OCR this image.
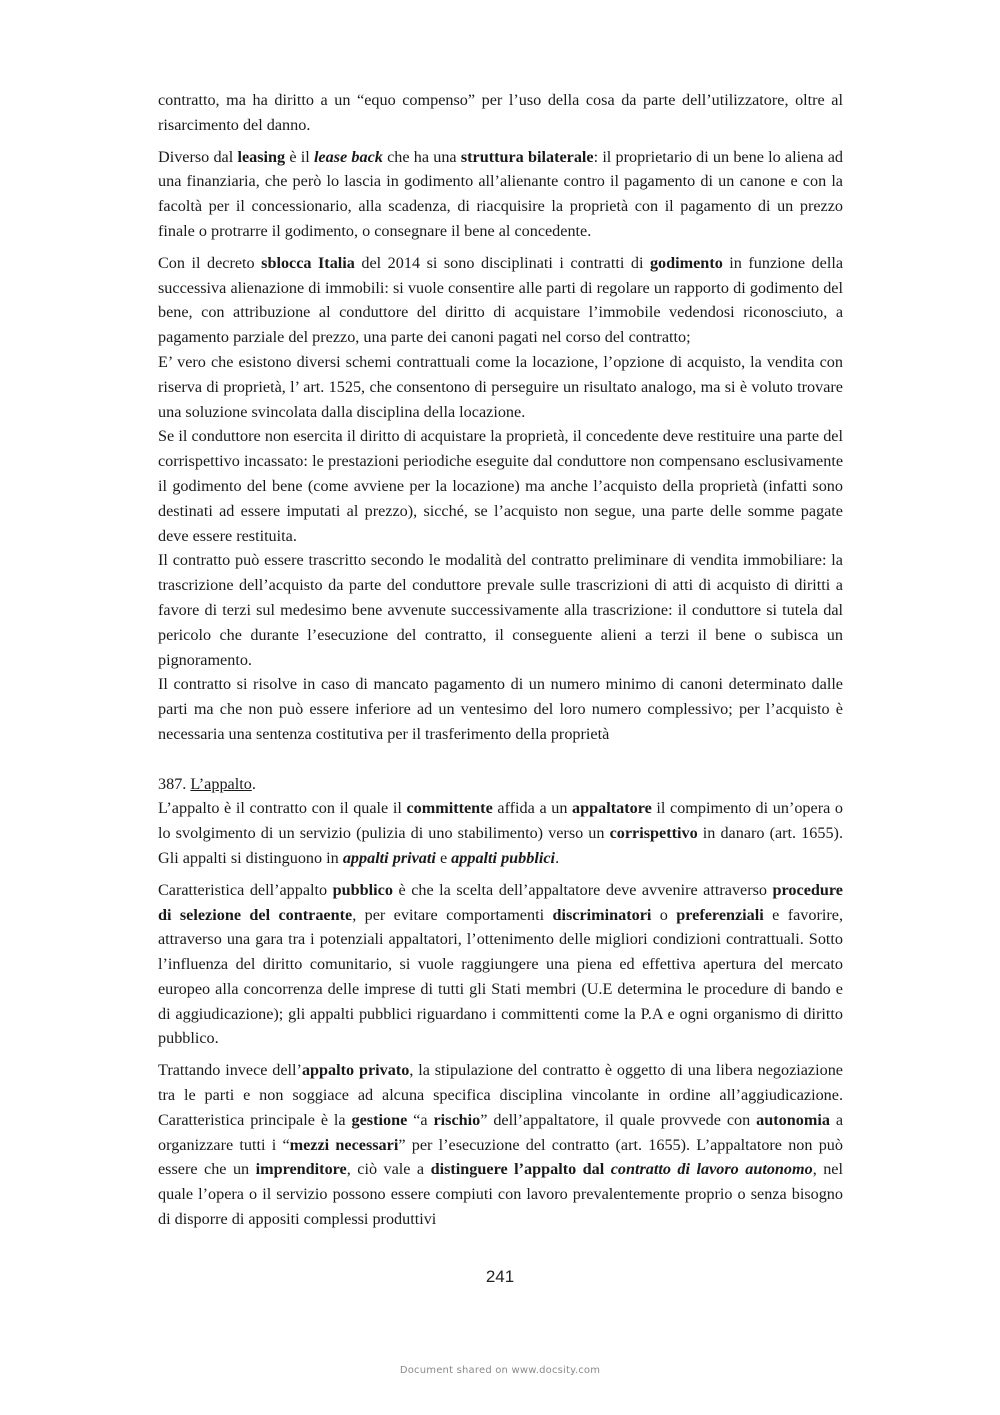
contratto, ma ha diritto a un “equo compenso” per l’uso della cosa da parte dell’utilizzatore, oltre al risarcimento del danno.

Diverso dal leasing è il lease back che ha una struttura bilaterale: il proprietario di un bene lo aliena ad una finanziaria, che però lo lascia in godimento all’alienante contro il pagamento di un canone e con la facoltà per il concessionario, alla scadenza, di riacquisire la proprietà con il pagamento di un prezzo finale o protrarre il godimento, o consegnare il bene al concedente.

Con il decreto sblocca Italia del 2014 si sono disciplinati i contratti di godimento in funzione della successiva alienazione di immobili: si vuole consentire alle parti di regolare un rapporto di godimento del bene, con attribuzione al conduttore del diritto di acquistare l’immobile vedendosi riconosciuto, a pagamento parziale del prezzo, una parte dei canoni pagati nel corso del contratto;

E’ vero che esistono diversi schemi contrattuali come la locazione, l’opzione di acquisto, la vendita con riserva di proprietà, l’ art. 1525, che consentono di perseguire un risultato analogo, ma si è voluto trovare una soluzione svincolata dalla disciplina della locazione.

Se il conduttore non esercita il diritto di acquistare la proprietà, il concedente deve restituire una parte del corrispettivo incassato: le prestazioni periodiche eseguite dal conduttore non compensano esclusivamente il godimento del bene (come avviene per la locazione) ma anche l’acquisto della proprietà (infatti sono destinati ad essere imputati al prezzo), sicché, se l’acquisto non segue, una parte delle somme pagate deve essere restituita.

Il contratto può essere trascritto secondo le modalità del contratto preliminare di vendita immobiliare: la trascrizione dell’acquisto da parte del conduttore prevale sulle trascrizioni di atti di acquisto di diritti a favore di terzi sul medesimo bene avvenute successivamente alla trascrizione: il conduttore si tutela dal pericolo che durante l’esecuzione del contratto, il conseguente alieni a terzi il bene o subisca un pignoramento.

Il contratto si risolve in caso di mancato pagamento di un numero minimo di canoni determinato dalle parti ma che non può essere inferiore ad un ventesimo del loro numero complessivo; per l’acquisto è necessaria una sentenza costitutiva per il trasferimento della proprietà

387. L’appalto.

L’appalto è il contratto con il quale il committente affida a un appaltatore il compimento di un’opera o lo svolgimento di un servizio (pulizia di uno stabilimento) verso un corrispettivo in danaro (art. 1655). Gli appalti si distinguono in appalti privati e appalti pubblici.

Caratteristica dell’appalto pubblico è che la scelta dell’appaltatore deve avvenire attraverso procedure di selezione del contraente, per evitare comportamenti discriminatori o preferenziali e favorire, attraverso una gara tra i potenziali appaltatori, l’ottenimento delle migliori condizioni contrattuali. Sotto l’influenza del diritto comunitario, si vuole raggiungere una piena ed effettiva apertura del mercato europeo alla concorrenza delle imprese di tutti gli Stati membri (U.E determina le procedure di bando e di aggiudicazione); gli appalti pubblici riguardano i committenti come la P.A e ogni organismo di diritto pubblico.

Trattando invece dell’appalto privato, la stipulazione del contratto è oggetto di una libera negoziazione tra le parti e non soggiace ad alcuna specifica disciplina vincolante in ordine all’aggiudicazione. Caratteristica principale è la gestione “a rischio” dell’appaltatore, il quale provvede con autonomia a organizzare tutti i “mezzi necessari” per l’esecuzione del contratto (art. 1655). L’appaltatore non può essere che un imprenditore, ciò vale a distinguere l’appalto dal contratto di lavoro autonomo, nel quale l’opera o il servizio possono essere compiuti con lavoro prevalentemente proprio o senza bisogno di disporre di appositi complessi produttivi

241
Document shared on www.docsity.com
